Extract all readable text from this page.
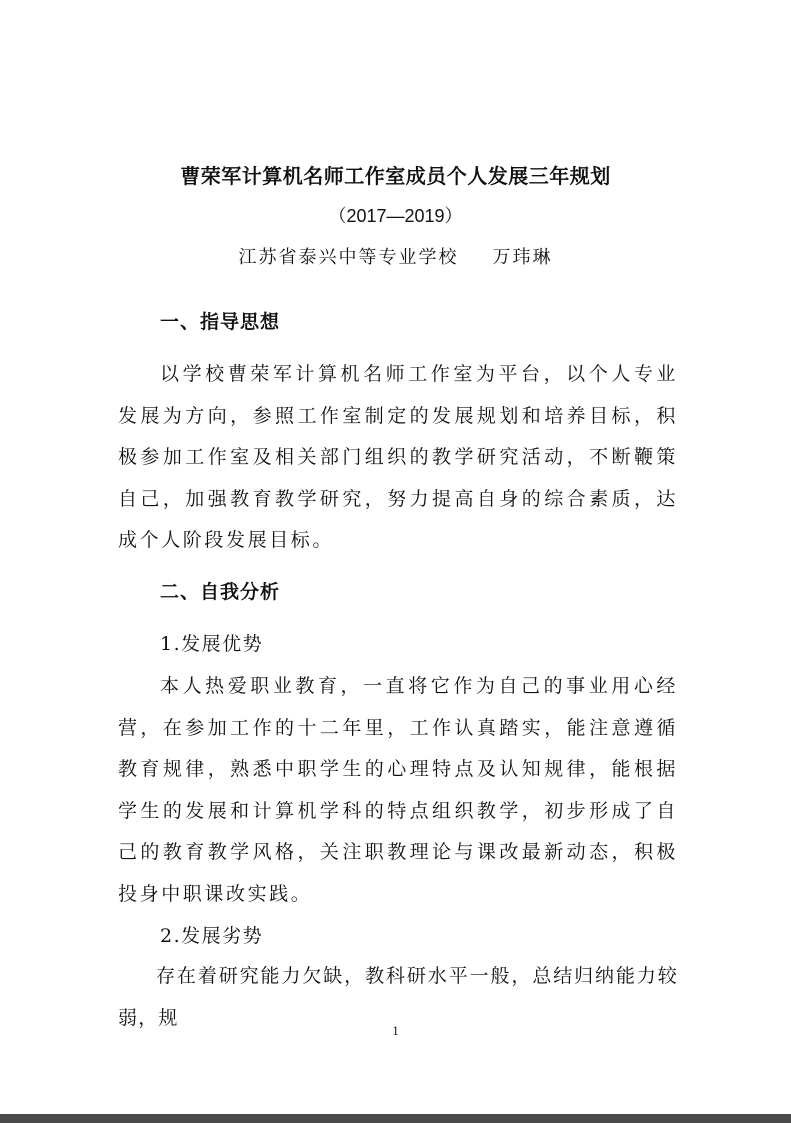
曹荣军计算机名师工作室成员个人发展三年规划
（2017—2019）
江苏省泰兴中等专业学校 万玮琳
一、指导思想
以学校曹荣军计算机名师工作室为平台，以个人专业发展为方向，参照工作室制定的发展规划和培养目标，积极参加工作室及相关部门组织的教学研究活动，不断鞭策自己，加强教育教学研究，努力提高自身的综合素质，达成个人阶段发展目标。
二、自我分析
1.发展优势
本人热爱职业教育，一直将它作为自己的事业用心经营，在参加工作的十二年里，工作认真踏实，能注意遵循教育规律，熟悉中职学生的心理特点及认知规律，能根据学生的发展和计算机学科的特点组织教学，初步形成了自己的教育教学风格，关注职教理论与课改最新动态，积极投身中职课改实践。
2.发展劣势
存在着研究能力欠缺，教科研水平一般，总结归纳能力较弱，规
1
